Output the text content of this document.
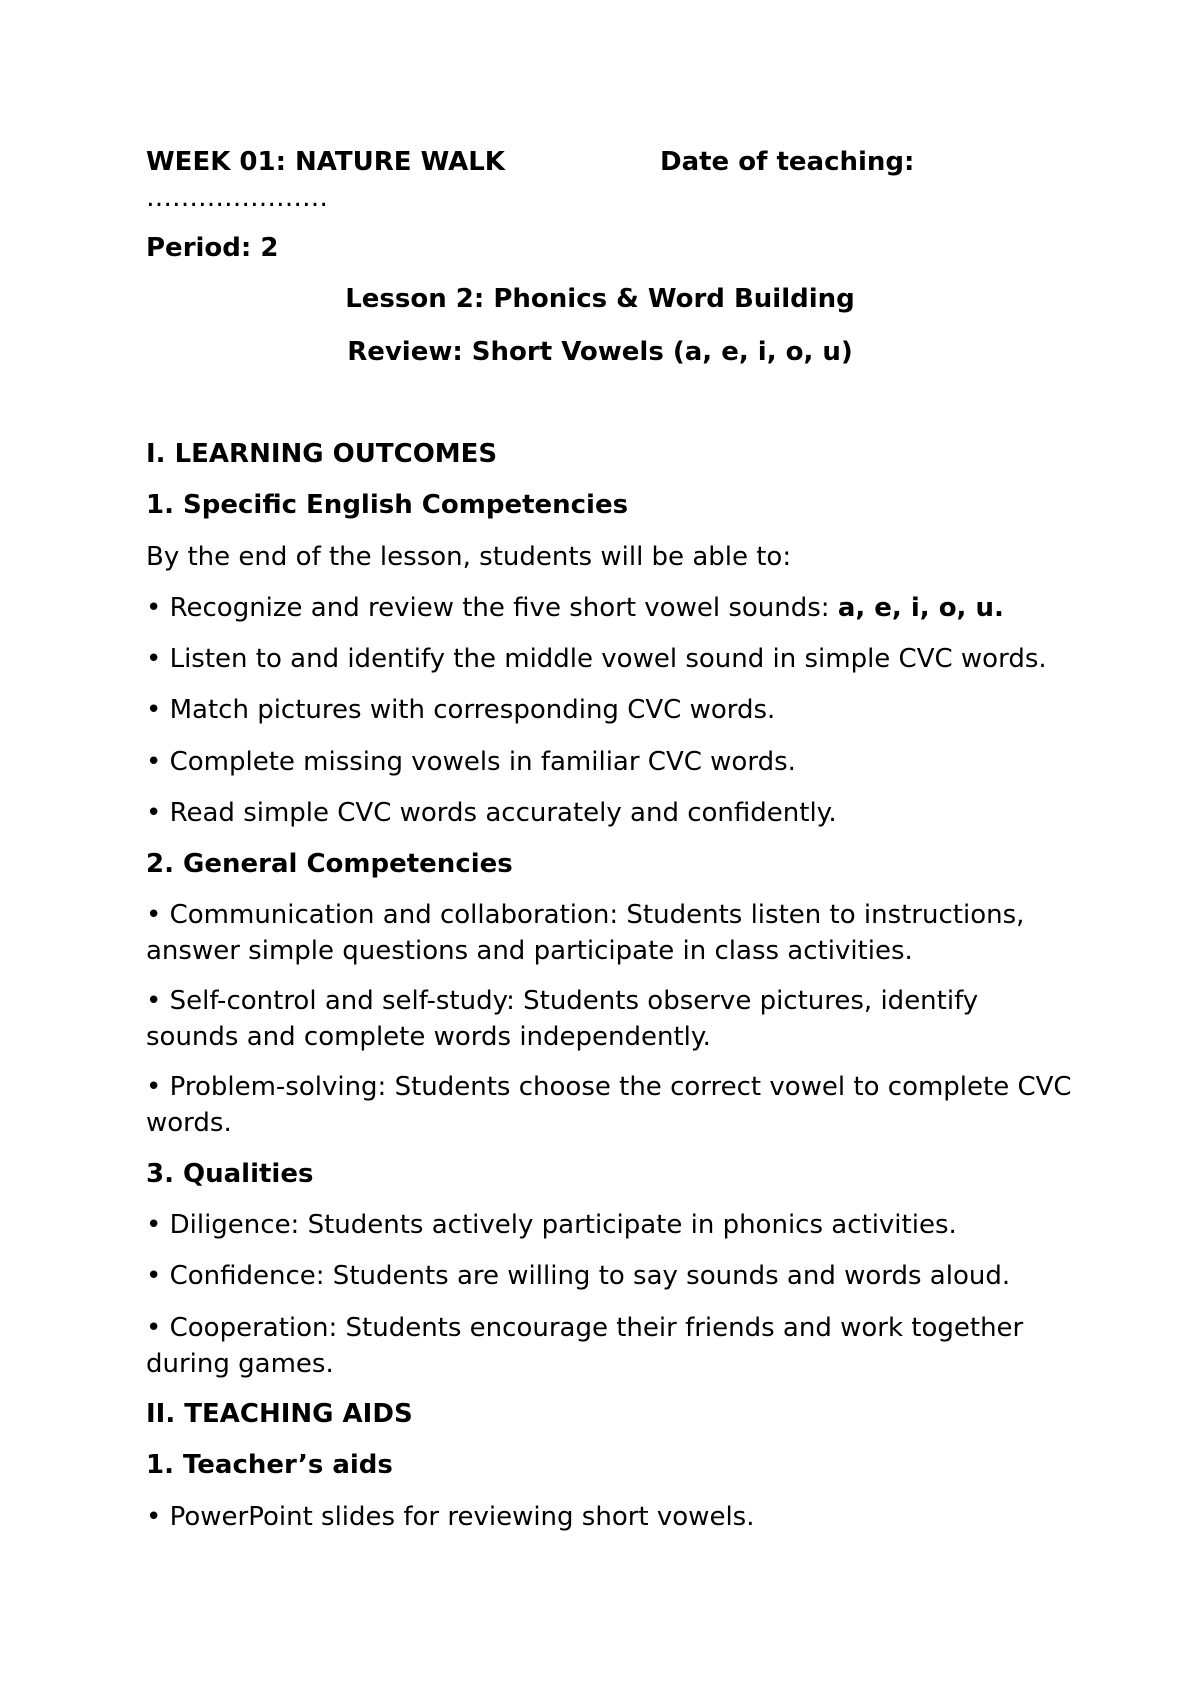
WEEK 01: NATURE WALK	Date of teaching:
…………………
Period: 2
Lesson 2: Phonics & Word Building
Review: Short Vowels (a, e, i, o, u)
I. LEARNING OUTCOMES
1. Specific English Competencies
By the end of the lesson, students will be able to:
• Recognize and review the five short vowel sounds: a, e, i, o, u.
• Listen to and identify the middle vowel sound in simple CVC words.
• Match pictures with corresponding CVC words.
• Complete missing vowels in familiar CVC words.
• Read simple CVC words accurately and confidently.
2. General Competencies
• Communication and collaboration: Students listen to instructions, answer simple questions and participate in class activities.
• Self-control and self-study: Students observe pictures, identify sounds and complete words independently.
• Problem-solving: Students choose the correct vowel to complete CVC words.
3. Qualities
• Diligence: Students actively participate in phonics activities.
• Confidence: Students are willing to say sounds and words aloud.
• Cooperation: Students encourage their friends and work together during games.
II. TEACHING AIDS
1. Teacher’s aids
• PowerPoint slides for reviewing short vowels.
